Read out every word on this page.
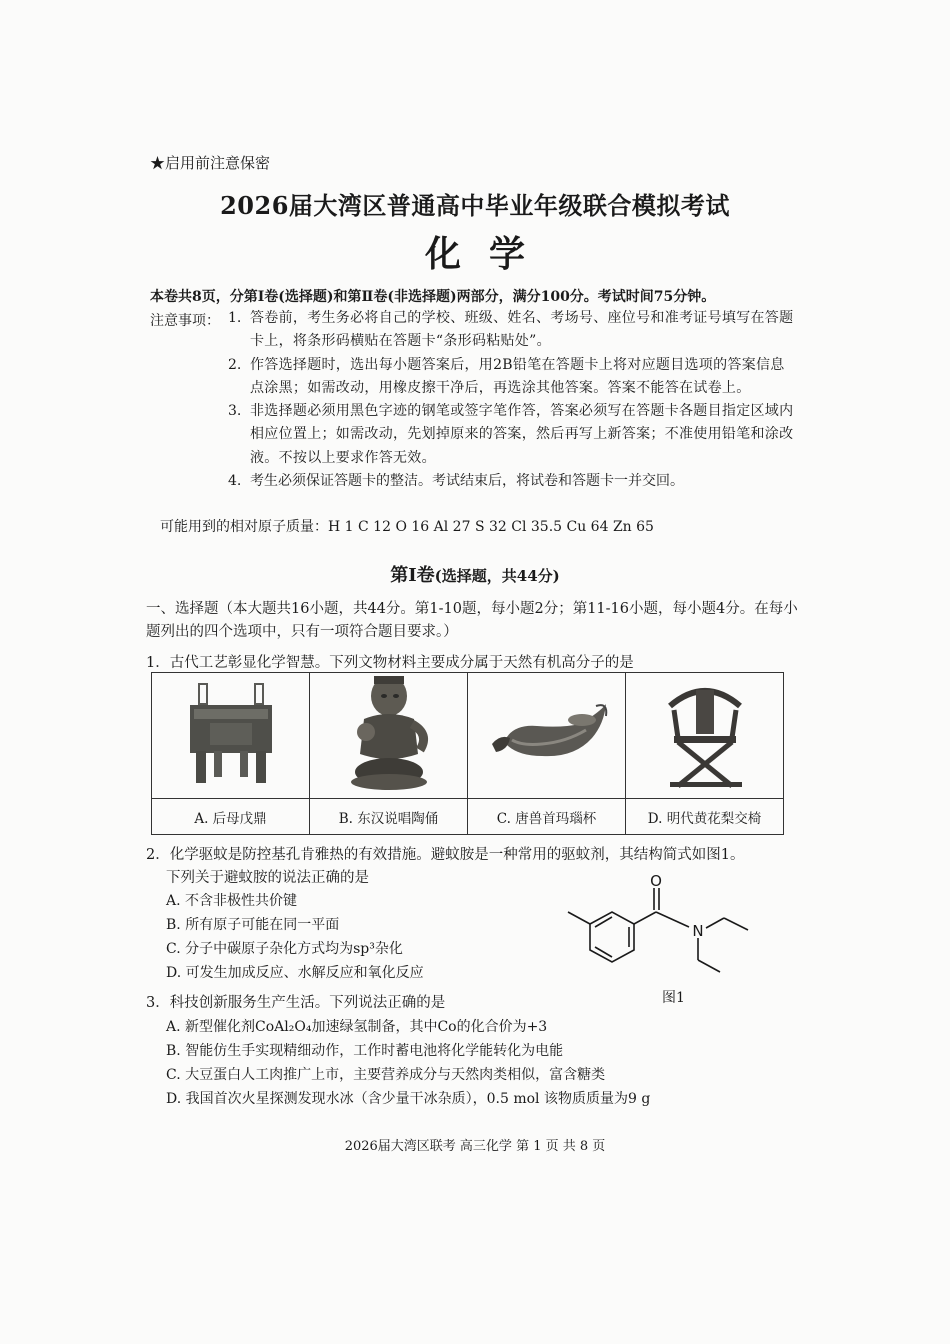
★启用前注意保密
2026届大湾区普通高中毕业年级联合模拟考试
化学
本卷共8页，分第Ⅰ卷(选择题)和第Ⅱ卷(非选择题)两部分，满分100分。考试时间75分钟。
注意事项： 1. 答卷前，考生务必将自己的学校、班级、姓名、考场号、座位号和准考证号填写在答题卡上，将条形码横贴在答题卡“条形码粘贴处”。
2. 作答选择题时，选出每小题答案后，用2B铅笔在答题卡上将对应题目选项的答案信息点涂黑；如需改动，用橡皮擦干净后，再选涂其他答案。答案不能答在试卷上。
3. 非选择题必须用黑色字迹的钢笔或签字笔作答，答案必须写在答题卡各题目指定区域内相应位置上；如需改动，先划掉原来的答案，然后再写上新答案；不准使用铅笔和涂改液。不按以上要求作答无效。
4. 考生必须保证答题卡的整洁。考试结束后，将试卷和答题卡一并交回。
可能用到的相对原子质量：H 1 C 12 O 16 Al 27 S 32 Cl 35.5 Cu 64 Zn 65
第Ⅰ卷(选择题，共44分)
一、选择题（本大题共16小题，共44分。第1-10题，每小题2分；第11-16小题，每小题4分。在每小题列出的四个选项中，只有一项符合题目要求。）
1．古代工艺彰显化学智慧。下列文物材料主要成分属于天然有机高分子的是

A. 后母戊鼎	B. 东汉说唱陶俑	C. 唐兽首玛瑙杯	D. 明代黄花梨交椅
2．化学驱蚊是防控基孔肯雅热的有效措施。避蚊胺是一种常用的驱蚊剂，其结构简式如图1。
下列关于避蚊胺的说法正确的是
A. 不含非极性共价键
B. 所有原子可能在同一平面
C. 分子中碳原子杂化方式均为sp³杂化
D. 可发生加成反应、水解反应和氧化反应
O
N
图1
3．科技创新服务生产生活。下列说法正确的是
A. 新型催化剂CoAl₂O₄加速绿氢制备，其中Co的化合价为+3
B. 智能仿生手实现精细动作，工作时蓄电池将化学能转化为电能
C. 大豆蛋白人工肉推广上市，主要营养成分与天然肉类相似，富含糖类
D. 我国首次火星探测发现水冰（含少量干冰杂质），0.5 mol 该物质质量为9 g
2026届大湾区联考 高三化学 第 1 页 共 8 页
